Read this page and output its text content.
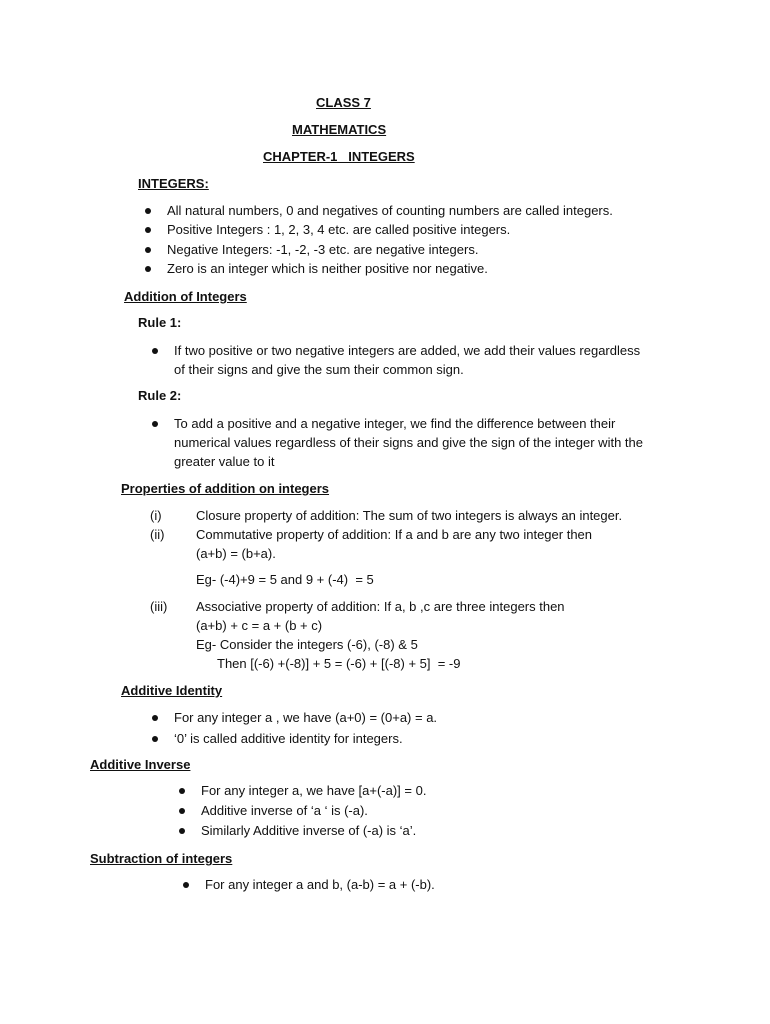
CLASS 7
MATHEMATICS
CHAPTER-1   INTEGERS
INTEGERS:
All natural numbers, 0 and negatives of counting numbers are called integers.
Positive Integers : 1, 2, 3, 4 etc. are called positive integers.
Negative Integers: -1, -2, -3 etc. are negative integers.
Zero is an integer which is neither positive nor negative.
Addition of Integers
Rule 1:
If two positive or two negative integers are added, we add their values regardless
of their signs and give the sum their common sign.
Rule 2:
To add a positive and a negative integer, we find the difference between their
numerical values regardless of their signs and give the sign of the integer with the
greater value to it
Properties of addition on integers
(i)	Closure property of addition: The sum of two integers is always an integer.
(ii) Commutative property of addition: If a and b are any two integer then
(a+b) = (b+a).
Eg- (-4)+9 = 5 and 9 + (-4)  = 5
(iii) Associative property of addition: If a, b ,c are three integers then
(a+b) + c = a + (b + c)
Eg- Consider the integers (-6), (-8) & 5
Then [(-6) +(-8)] + 5 = (-6) + [(-8) + 5]  = -9
Additive Identity
For any integer a , we have (a+0) = (0+a) = a.
‘0’ is called additive identity for integers.
Additive Inverse
For any integer a, we have [a+(-a)] = 0.
Additive inverse of ‘a ‘ is (-a).
Similarly Additive inverse of (-a) is ‘a’.
Subtraction of integers
For any integer a and b, (a-b) = a + (-b).
